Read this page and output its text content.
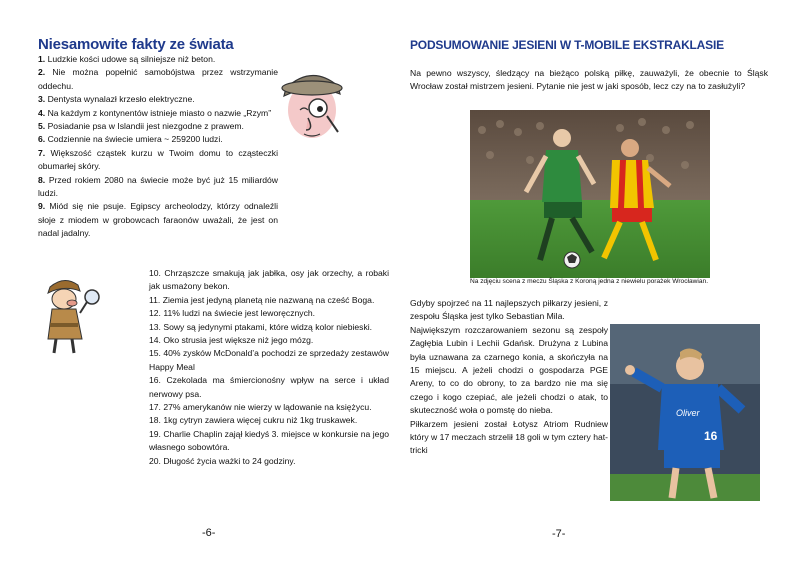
Niesamowite fakty ze świata

1. Ludzkie kości udowe są silniejsze niż beton.

2. Nie można popełnić samobójstwa przez wstrzymanie oddechu.

3. Dentysta wynalazł krzesło elektryczne.

4. Na każdym z kontynentów istnieje miasto o nazwie „Rzym”

5. Posiadanie psa w Islandii jest niezgodne z prawem.

6. Codziennie na świecie umiera ~ 259200 ludzi.

7. Większość cząstek kurzu w Twoim domu to cząsteczki obumarłej skóry.

8. Przed rokiem 2080 na świecie może być już 15 miliardów ludzi.

9. Miód się nie psuje. Egipscy archeolodzy, którzy odnaleźli słoje z miodem w grobowcach faraonów uważali, że jest on nadal jadalny.

10. Chrząszcze smakują jak jabłka, osy jak orzechy, a robaki jak usmażony bekon.

11. Ziemia jest jedyną planetą nie nazwaną na cześć Boga.

12. 11% ludzi na świecie jest leworęcznych.

13. Sowy są jedynymi ptakami, które widzą kolor niebieski.

14. Oko strusia jest większe niż jego mózg.

15. 40% zysków McDonald’a pochodzi ze sprzedaży zestawów Happy Meal

16. Czekolada ma śmiercionośny wpływ na serce i układ nerwowy psa.

17. 27% amerykanów nie wierzy w lądowanie na księżycu.

18. 1kg cytryn zawiera więcej cukru niż 1kg truskawek.

19. Charlie Chaplin zajął kiedyś 3. miejsce w konkursie na jego własnego sobowtóra.

20. Długość życia ważki to 24 godziny.

-6-
PODSUMOWANIE JESIENI W T-MOBILE EKSTRAKLASIE
Na pewno wszyscy, śledzący na bieżąco polską piłkę, zauważyli, że obecnie to Śląsk Wrocław został mistrzem jesieni. Pytanie nie jest w jaki sposób, lecz czy na to zasłużyli?
Na zdjęciu scena z meczu Śląska z Koroną jedna z niewielu porażek Wrocławian.

Gdyby spojrzeć na 11 najlepszych piłkarzy jesieni, z zespołu Śląska jest tylko Sebastian Mila.

Największym rozczarowaniem sezonu są zespoły Zagłębia Lubin i Lechii Gdańsk. Drużyna z Lubina była uznawana za czarnego konia, a skończyła na 15 miejscu. A jeżeli chodzi o gospodarza PGE Areny, to co do obrony, to za bardzo nie ma się czego i kogo czepiać, ale jeżeli chodzi o atak, to skuteczność woła o pomstę do nieba.

Piłkarzem jesieni został Łotysz Atriom Rudniew który w 17 meczach strzelił 18 goli w tym cztery hat-tricki

Oliver
16
-7-
